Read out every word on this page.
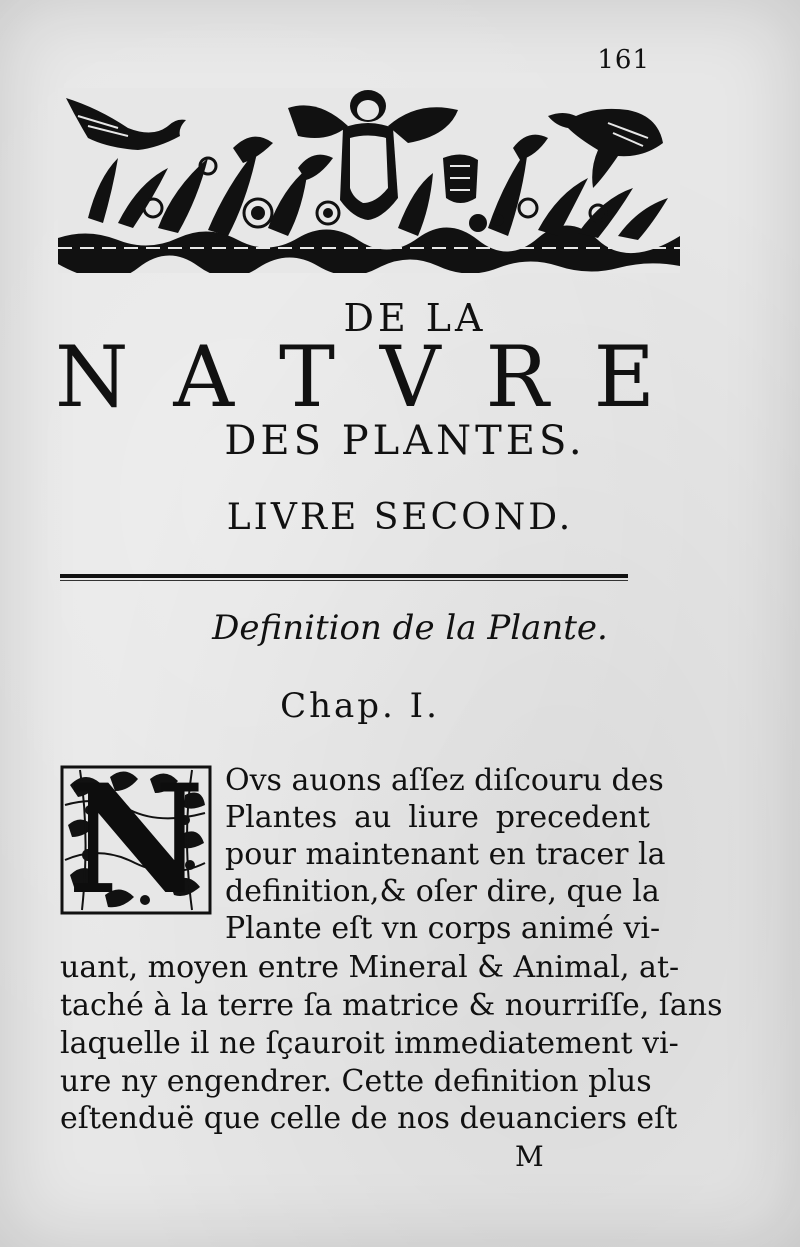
161
DE LA
N A T V R E
DES PLANTES.
LIVRE SECOND.
Definition de la Plante.
Chap. I.
N Ovs auons aſſez diſcouru des
Plantes au liure precedent
pour maintenant en tracer la
definition,& oſer dire, que la
Plante eſt vn corps animé vi-
uant, moyen entre Mineral & Animal, at-
taché à la terre ſa matrice & nourriſſe, ſans
laquelle il ne ſçauroit immediatement vi-
ure ny engendrer. Cette definition plus
eſtenduë que celle de nos deuanciers eſt
M
